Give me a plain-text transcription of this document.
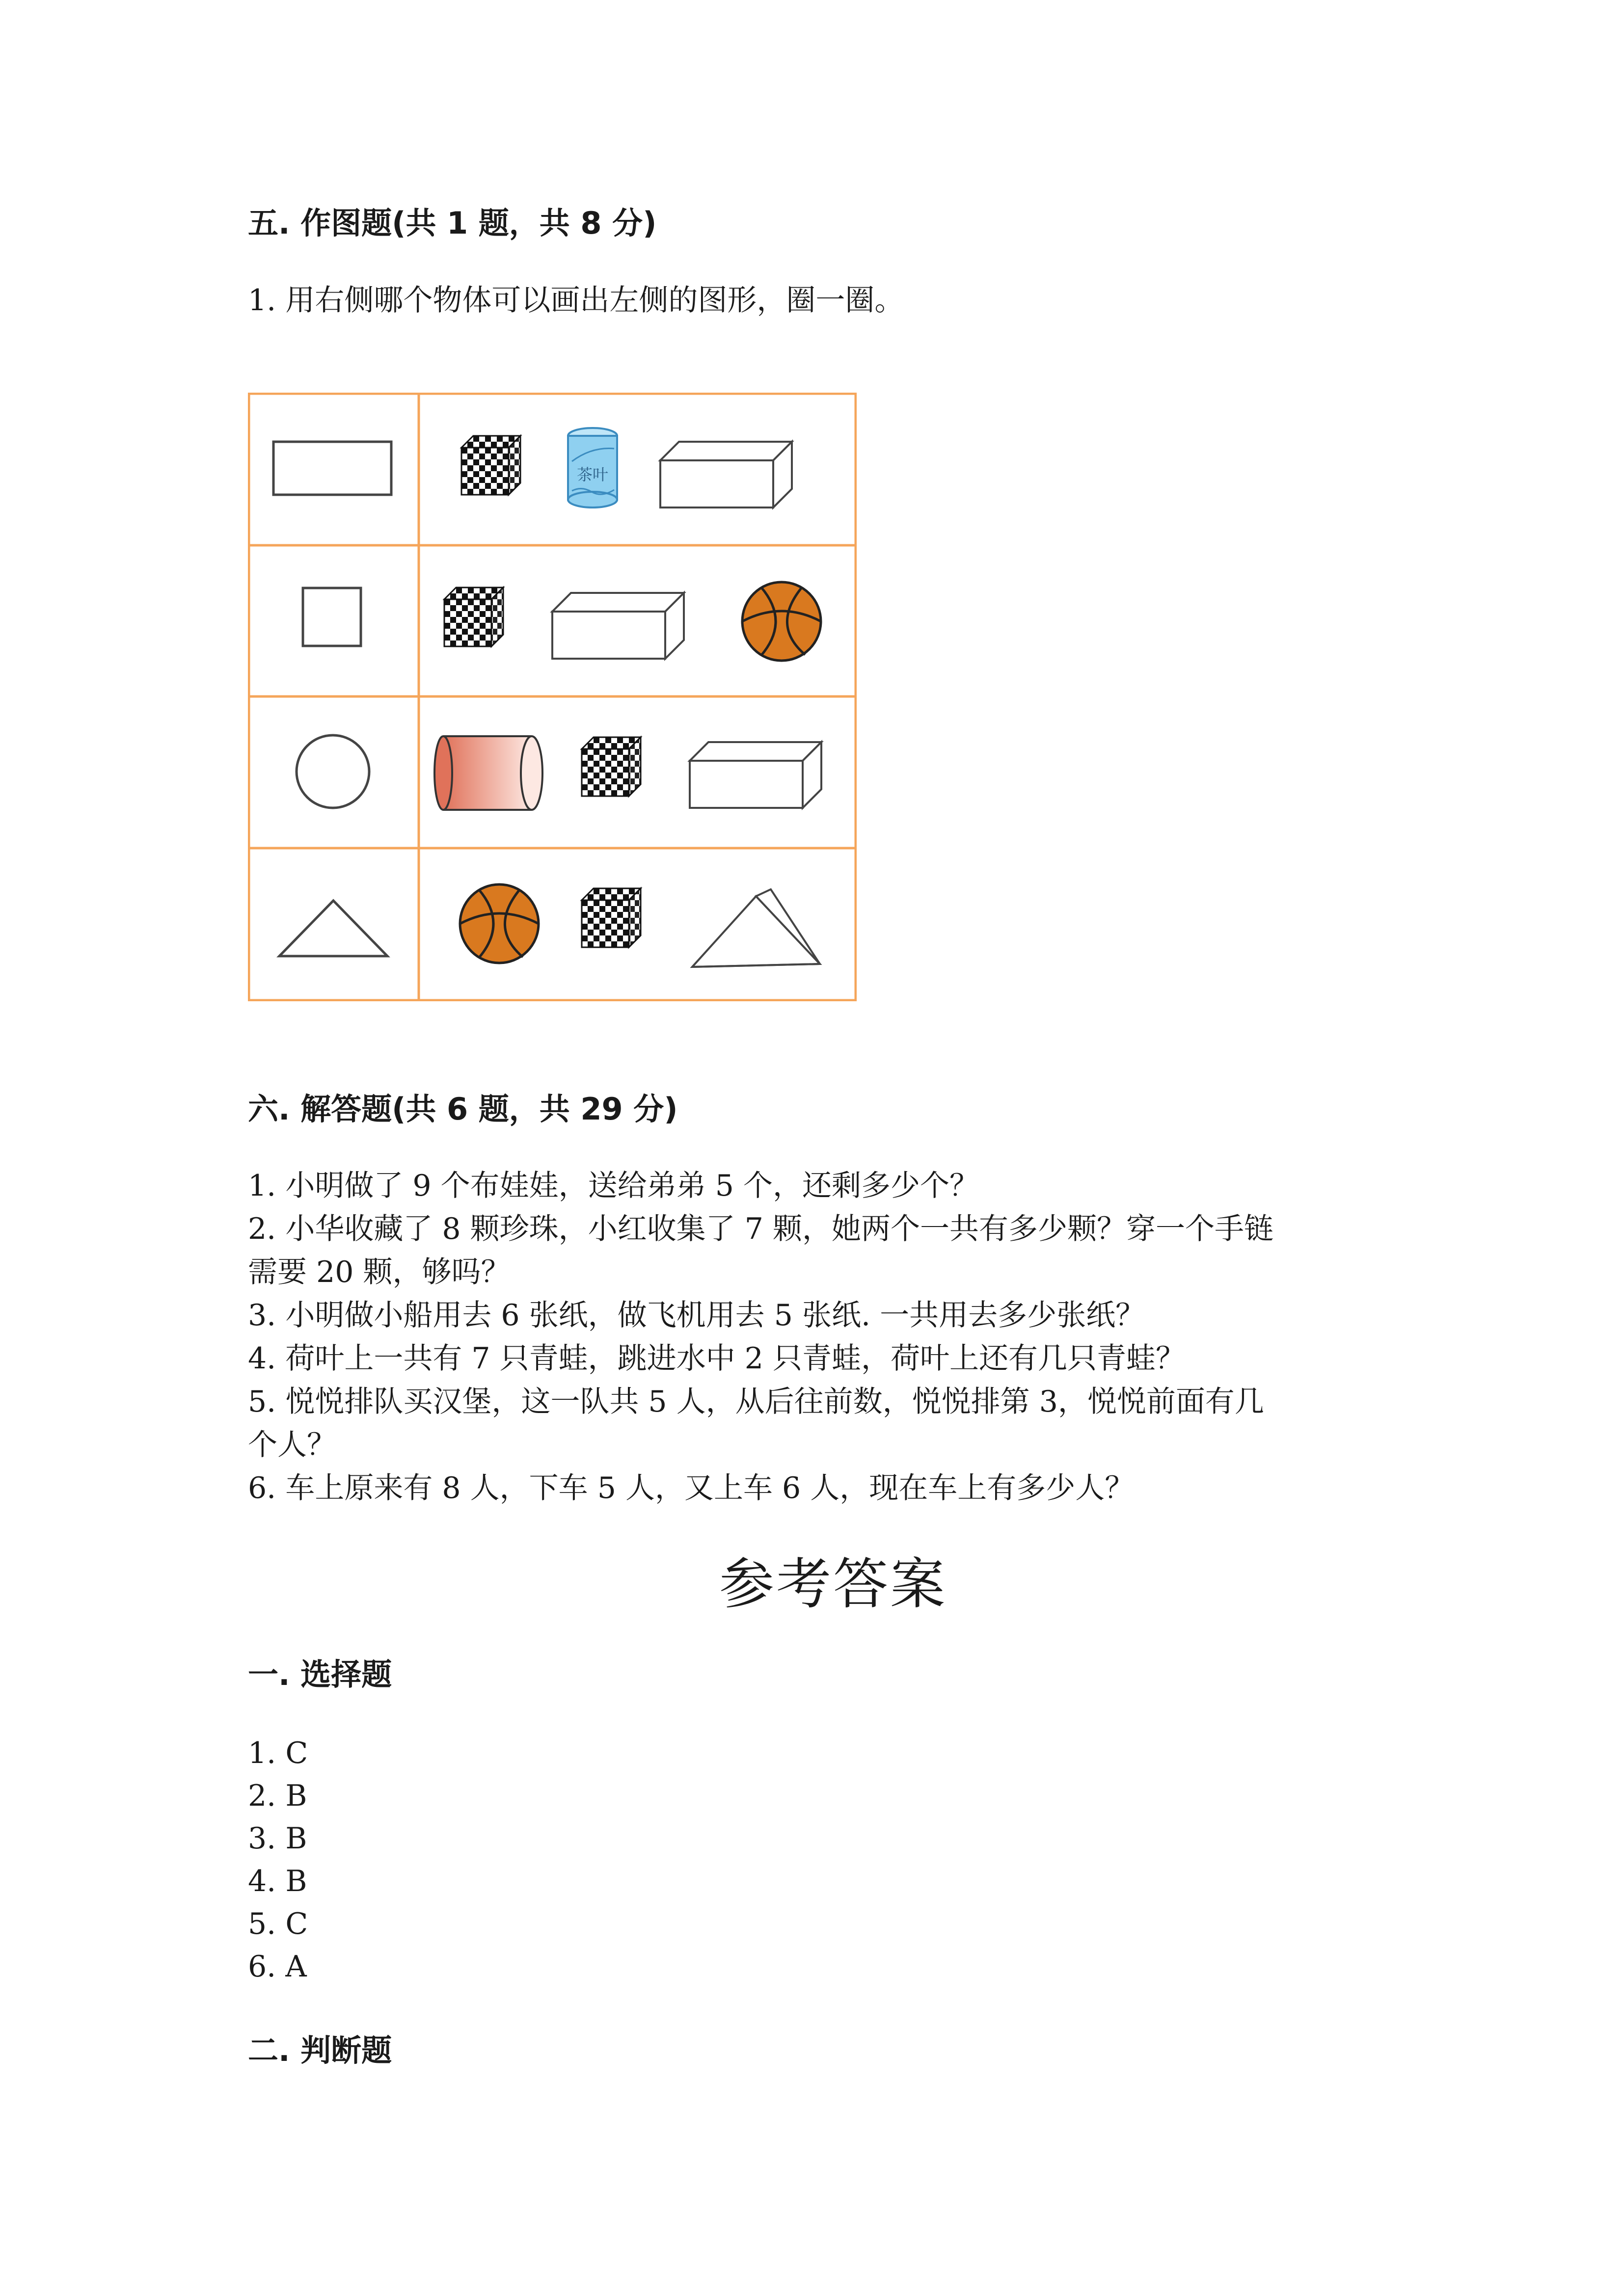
五. 作图题(共 1 题，共 8 分)
1. 用右侧哪个物体可以画出左侧的图形，圈一圈。
茶叶
六. 解答题(共 6 题，共 29 分)
1. 小明做了 9 个布娃娃，送给弟弟 5 个，还剩多少个？
2. 小华收藏了 8 颗珍珠，小红收集了 7 颗，她两个一共有多少颗？穿一个手链
需要 20 颗，够吗？
3. 小明做小船用去 6 张纸，做飞机用去 5 张纸. 一共用去多少张纸？
4. 荷叶上一共有 7 只青蛙，跳进水中 2 只青蛙，荷叶上还有几只青蛙？
5. 悦悦排队买汉堡，这一队共 5 人，从后往前数，悦悦排第 3，悦悦前面有几
个人？
6. 车上原来有 8 人，下车 5 人，又上车 6 人，现在车上有多少人？
参考答案
一. 选择题
1. C
2. B
3. B
4. B
5. C
6. A
二. 判断题
